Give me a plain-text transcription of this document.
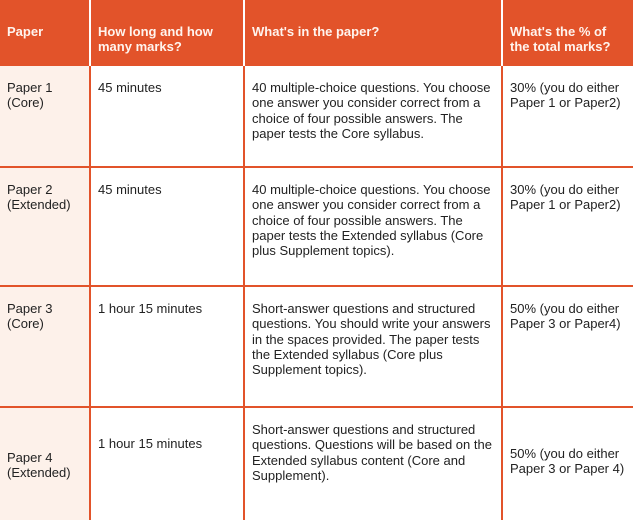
Paper	How long and how many marks?	What's in the paper?	What's the % of the total marks?
Paper 1 (Core)	45 minutes	40 multiple-choice questions. You choose one answer you consider correct from a choice of four possible answers. The paper tests the Core syllabus.	30% (you do either Paper 1 or Paper2)
Paper 2 (Extended)	45 minutes	40 multiple-choice questions. You choose one answer you consider correct from a choice of four possible answers. The paper tests the Extended syllabus (Core plus Supplement topics).	30% (you do either Paper 1 or Paper2)
Paper 3 (Core)	1 hour 15 minutes	Short-answer questions and structured questions. You should write your answers in the spaces provided. The paper tests the Extended syllabus (Core plus Supplement topics).	50% (you do either Paper 3 or Paper4)
Paper 4 (Extended)	1 hour 15 minutes	Short-answer questions and structured questions. Questions will be based on the Extended syllabus content (Core and Supplement).	50% (you do either Paper 3 or Paper 4)
